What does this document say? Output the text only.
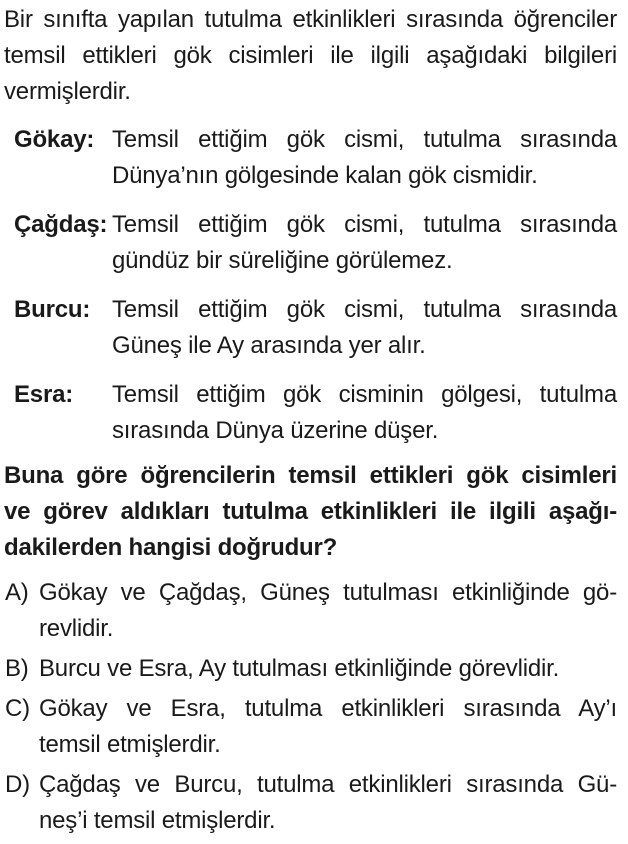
Bir sınıfta yapılan tutulma etkinlikleri sırasında öğrenciler
temsil ettikleri gök cisimleri ile ilgili aşağıdaki bilgileri
vermişlerdir.
Gökay: Temsil ettiğim gök cismi, tutulma sırasında
Dünya’nın gölgesinde kalan gök cismidir.
Çağdaş: Temsil ettiğim gök cismi, tutulma sırasında
gündüz bir süreliğine görülemez.
Burcu: Temsil ettiğim gök cismi, tutulma sırasında
Güneş ile Ay arasında yer alır.
Esra:	Temsil ettiğim gök cisminin gölgesi, tutulma
sırasında Dünya üzerine düşer.
Buna göre öğrencilerin temsil ettikleri gök cisimleri
ve görev aldıkları tutulma etkinlikleri ile ilgili aşağı-
dakilerden hangisi doğrudur?
A) Gökay ve Çağdaş, Güneş tutulması etkinliğinde gö-
revlidir.
B) Burcu ve Esra, Ay tutulması etkinliğinde görevlidir.
C) Gökay ve Esra, tutulma etkinlikleri sırasında Ay’ı
temsil etmişlerdir.
D) Çağdaş ve Burcu, tutulma etkinlikleri sırasında Gü-
neş’i temsil etmişlerdir.
